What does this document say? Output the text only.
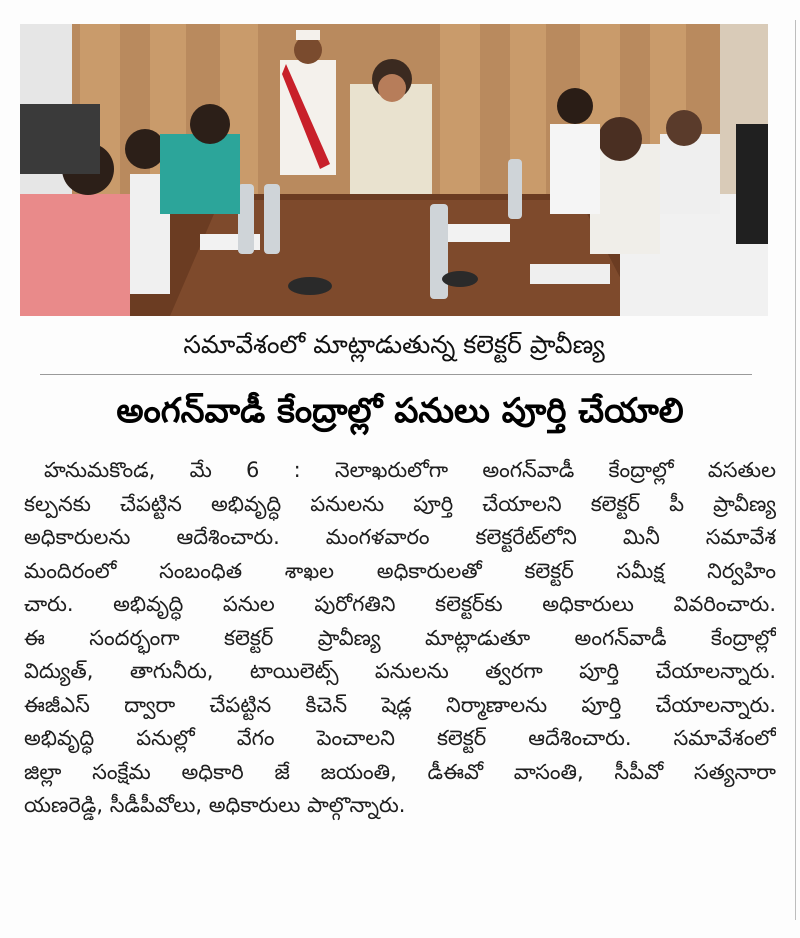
సమావేశంలో మాట్లాడుతున్న కలెక్టర్ ప్రావీణ్య
అంగన్‌వాడీ కేంద్రాల్లో పనులు పూర్తి చేయాలి
హనుమకొండ, మే 6 : నెలాఖరులోగా అంగన్‌వాడీ కేంద్రాల్లో వసతుల
కల్పనకు చేపట్టిన అభివృద్ధి పనులను పూర్తి చేయాలని కలెక్టర్ పీ ప్రావీణ్య
అధికారులను ఆదేశించారు. మంగళవారం కలెక్టరేట్‌లోని మినీ సమావేశ
మందిరంలో సంబంధిత శాఖల అధికారులతో కలెక్టర్ సమీక్ష నిర్వహిం
చారు. అభివృద్ధి పనుల పురోగతిని కలెక్టర్‌కు అధికారులు వివరించారు.
ఈ సందర్భంగా కలెక్టర్ ప్రావీణ్య మాట్లాడుతూ అంగన్‌వాడీ కేంద్రాల్లో
విద్యుత్, తాగునీరు, టాయిలెట్స్ పనులను త్వరగా పూర్తి చేయాలన్నారు.
ఈజీఎస్ ద్వారా చేపట్టిన కిచెన్ షెడ్ల నిర్మాణాలను పూర్తి చేయాలన్నారు.
అభివృద్ధి పనుల్లో వేగం పెంచాలని కలెక్టర్ ఆదేశించారు. సమావేశంలో
జిల్లా సంక్షేమ అధికారి జే జయంతి, డీఈవో వాసంతి, సీపీవో సత్యనారా
యణరెడ్డి, సీడీపీవోలు, అధికారులు పాల్గొన్నారు.
